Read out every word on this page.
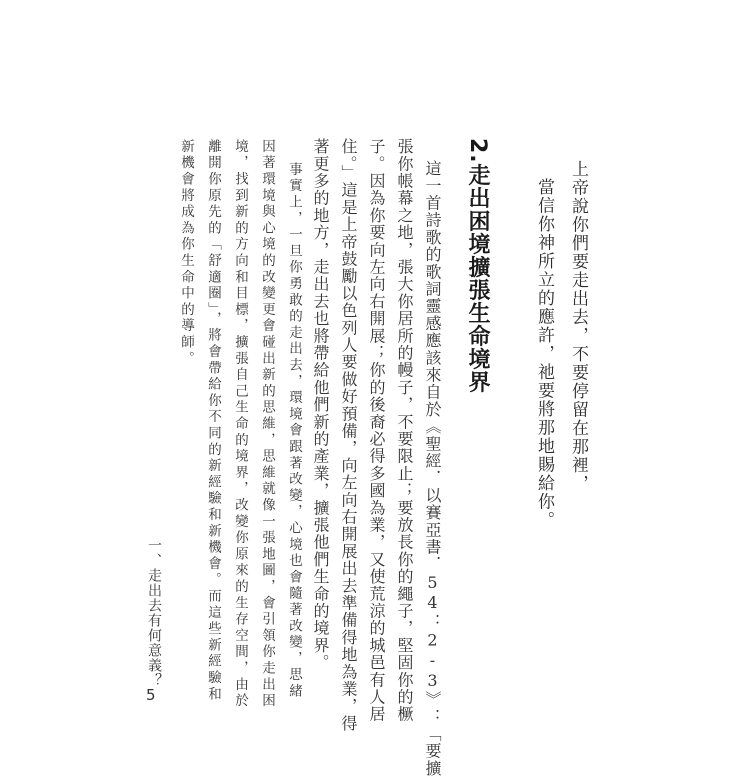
上帝說你們要走出去，不要停留在那裡，

當信你神所立的應許，祂要將那地賜給你。

2.走出困境擴張生命境界

這一首詩歌的歌詞靈感應該來自於《聖經．以賽亞書．54：2-3》：「要擴

張你帳幕之地，張大你居所的幔子，不要限止；要放長你的繩子，堅固你的橛

子。因為你要向左向右開展；你的後裔必得多國為業，又使荒涼的城邑有人居

住。」這是上帝鼓勵以色列人要做好預備，向左向右開展出去準備得地為業，得

著更多的地方，走出去也將帶給他們新的產業，擴張他們生命的境界。

事實上，一旦你勇敢的走出去，環境會跟著改變，心境也會隨著改變，思緒

因著環境與心境的改變更會碰出新的思維，思維就像一張地圖，會引領你走出困

境，找到新的方向和目標，擴張自己生命的境界，改變你原來的生存空間，由於

離開你原先的「舒適圈」，將會帶給你不同的新經驗和新機會。而這些新經驗和

新機會將成為你生命中的導師。

一、走出去有何意義？

5
